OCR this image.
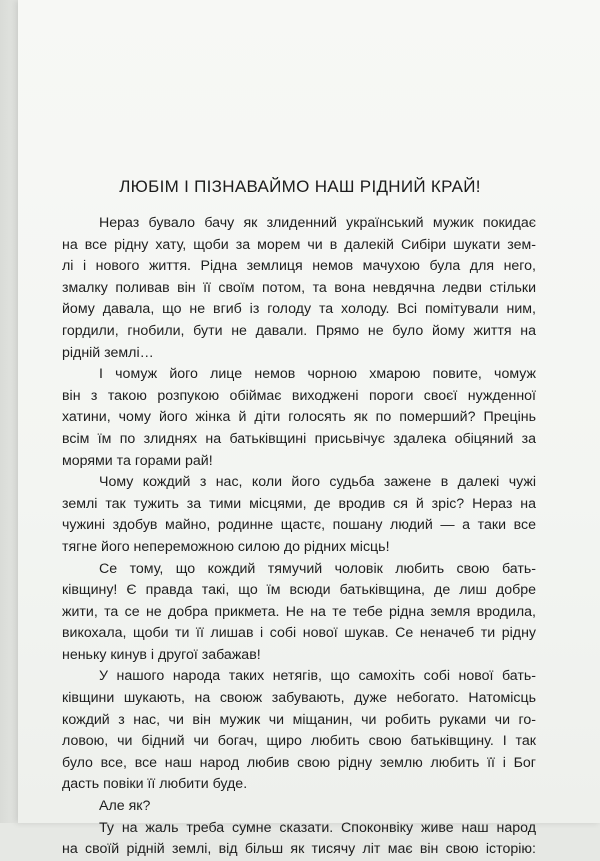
ЛЮБІМ І ПІЗНАВАЙМО НАШ РІДНИЙ КРАЙ!
Нераз бувало бачу як злиденний український мужик покидає
на все рідну хату, щоби за морем чи в далекій Сибіри шукати зем-
лі і нового життя. Рідна землиця немов мачухою була для него,
змалку поливав він її своїм потом, та вона невдячна ледви стільки
йому давала, що не вгиб із голоду та холоду. Всі помітували ним,
гордили, гнобили, бути не давали. Прямо не було йому життя на
рідній землі…
І чомуж його лице немов чорною хмарою повите, чомуж
він з такою розпукою обіймає виходжені пороги своєї нужденної
хатини, чому його жінка й діти голосять як по померший? Прецінь
всім їм по злиднях на батьківщині присьвічує здалека обіцяний за
морями та горами рай!
Чому кождий з нас, коли його судьба зажене в далекі чужі
землі так тужить за тими місцями, де вродив ся й зріс? Нераз на
чужині здобув майно, родинне щастє, пошану людий — а таки все
тягне його непереможною силою до рідних місць!
Се тому, що кождий тямучий чоловік любить свою бать-
ківщину! Є правда такі, що їм всюди батьківщина, де лиш добре
жити, та се не добра прикмета. Не на те тебе рідна земля вродила,
викохала, щоби ти її лишав і собі нової шукав. Се неначеб ти рідну
неньку кинув і другої забажав!
У нашого народа таких нетягів, що самохіть собі нової бать-
ківщини шукають, на своюж забувають, дуже небогато. Натомісць
кождий з нас, чи він мужик чи міщанин, чи робить руками чи го-
ловою, чи бідний чи богач, щиро любить свою батьківщину. І так
було все, все наш народ любив свою рідну землю любить її і Бог
дасть повіки її любити буде.
Але як?
Ту на жаль треба сумне сказати. Споконвіку живе наш народ
на своїй рідній землі, від більш як тисячу літ має він свою історію:
